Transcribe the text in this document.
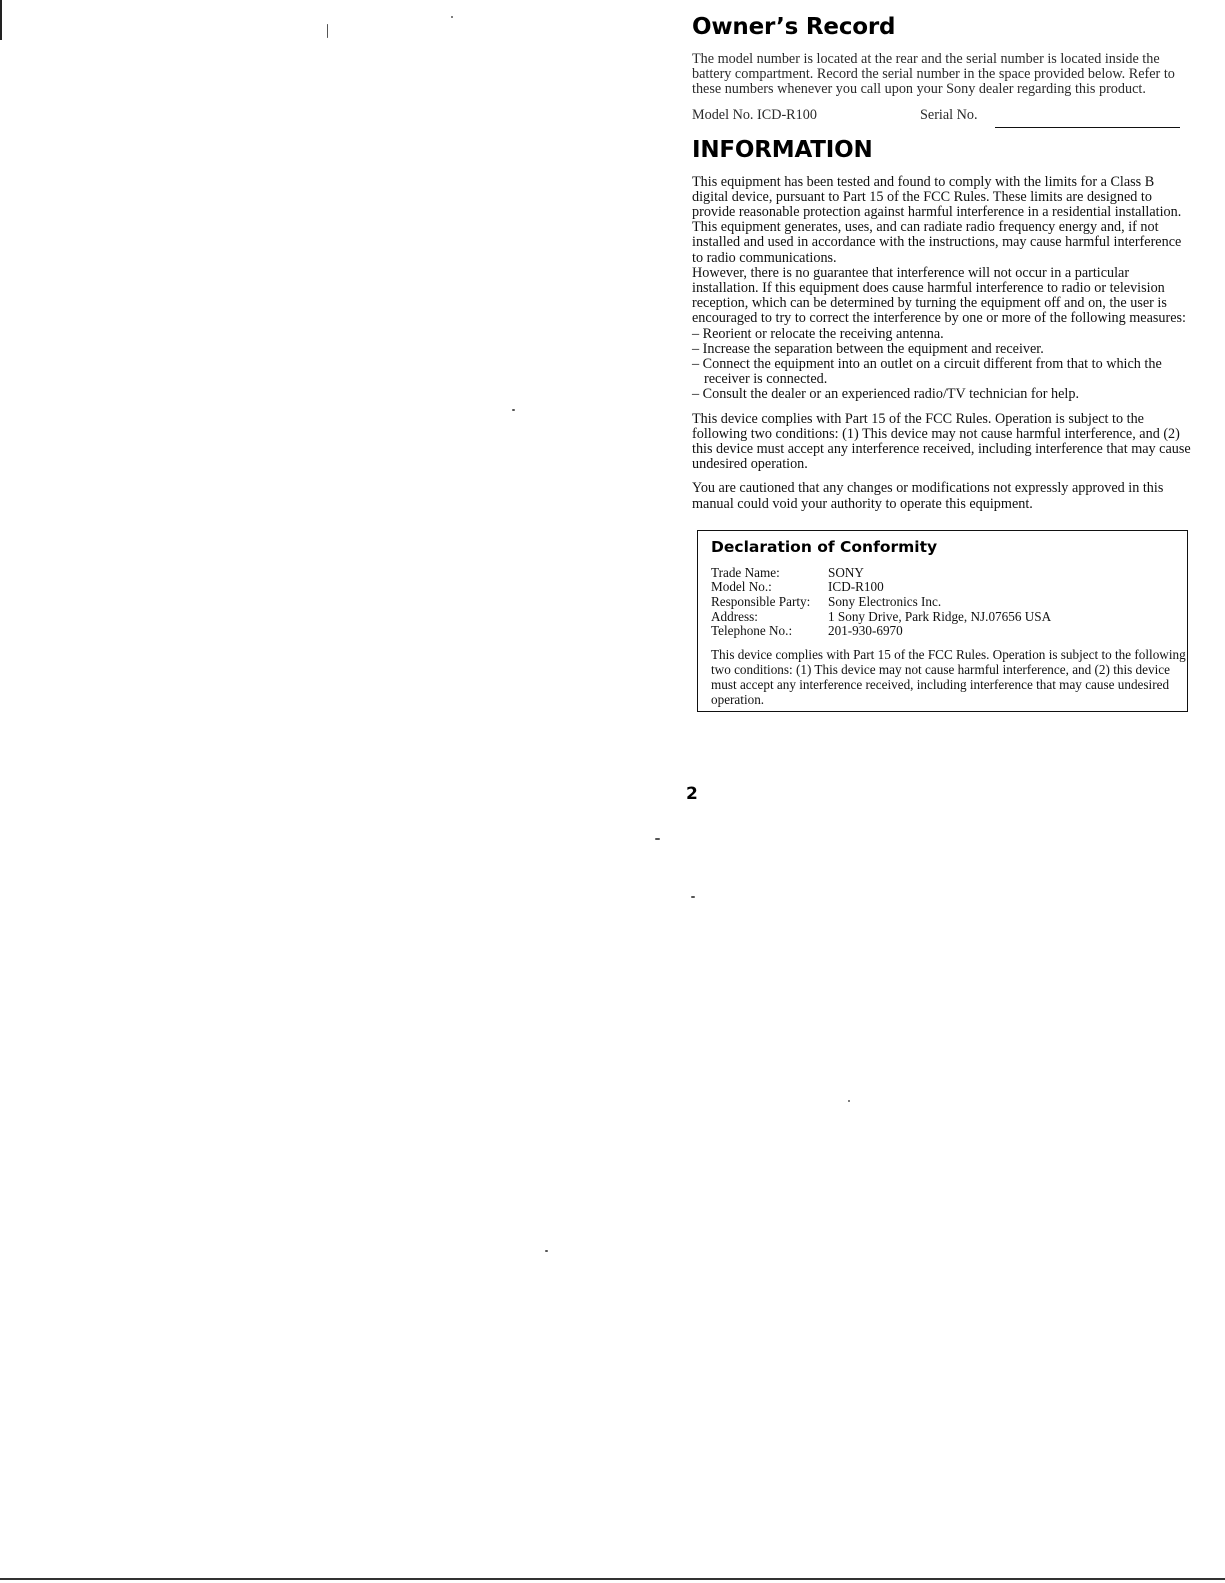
Owner’s Record

The model number is located at the rear and the serial number is located inside the battery compartment. Record the serial number in the space provided below. Refer to these numbers whenever you call upon your Sony dealer regarding this product.

Model No. ICD-R100	Serial No.
INFORMATION

This equipment has been tested and found to comply with the limits for a Class B digital device, pursuant to Part 15 of the FCC Rules. These limits are designed to provide reasonable protection against harmful interference in a residential installation. This equipment generates, uses, and can radiate radio frequency energy and, if not installed and used in accordance with the instructions, may cause harmful interference to radio communications.

However, there is no guarantee that interference will not occur in a particular installation. If this equipment does cause harmful interference to radio or television reception, which can be determined by turning the equipment off and on, the user is encouraged to try to correct the interference by one or more of the following measures:

– Reorient or relocate the receiving antenna.
– Increase the separation between the equipment and receiver.
– Connect the equipment into an outlet on a circuit different from that to which the receiver is connected.
– Consult the dealer or an experienced radio/TV technician for help.

This device complies with Part 15 of the FCC Rules. Operation is subject to the following two conditions: (1) This device may not cause harmful interference, and (2) this device must accept any interference received, including interference that may cause undesired operation.

You are cautioned that any changes or modifications not expressly approved in this manual could void your authority to operate this equipment.

Declaration of Conformity
Trade Name:	SONY
Model No.:	ICD-R100
Responsible Party:	Sony Electronics Inc.
Address:	1 Sony Drive, Park Ridge, NJ.07656 USA
Telephone No.:	201-930-6970

This device complies with Part 15 of the FCC Rules. Operation is subject to the following two conditions: (1) This device may not cause harmful interference, and (2) this device must accept any interference received, including interference that may cause undesired operation.

2
